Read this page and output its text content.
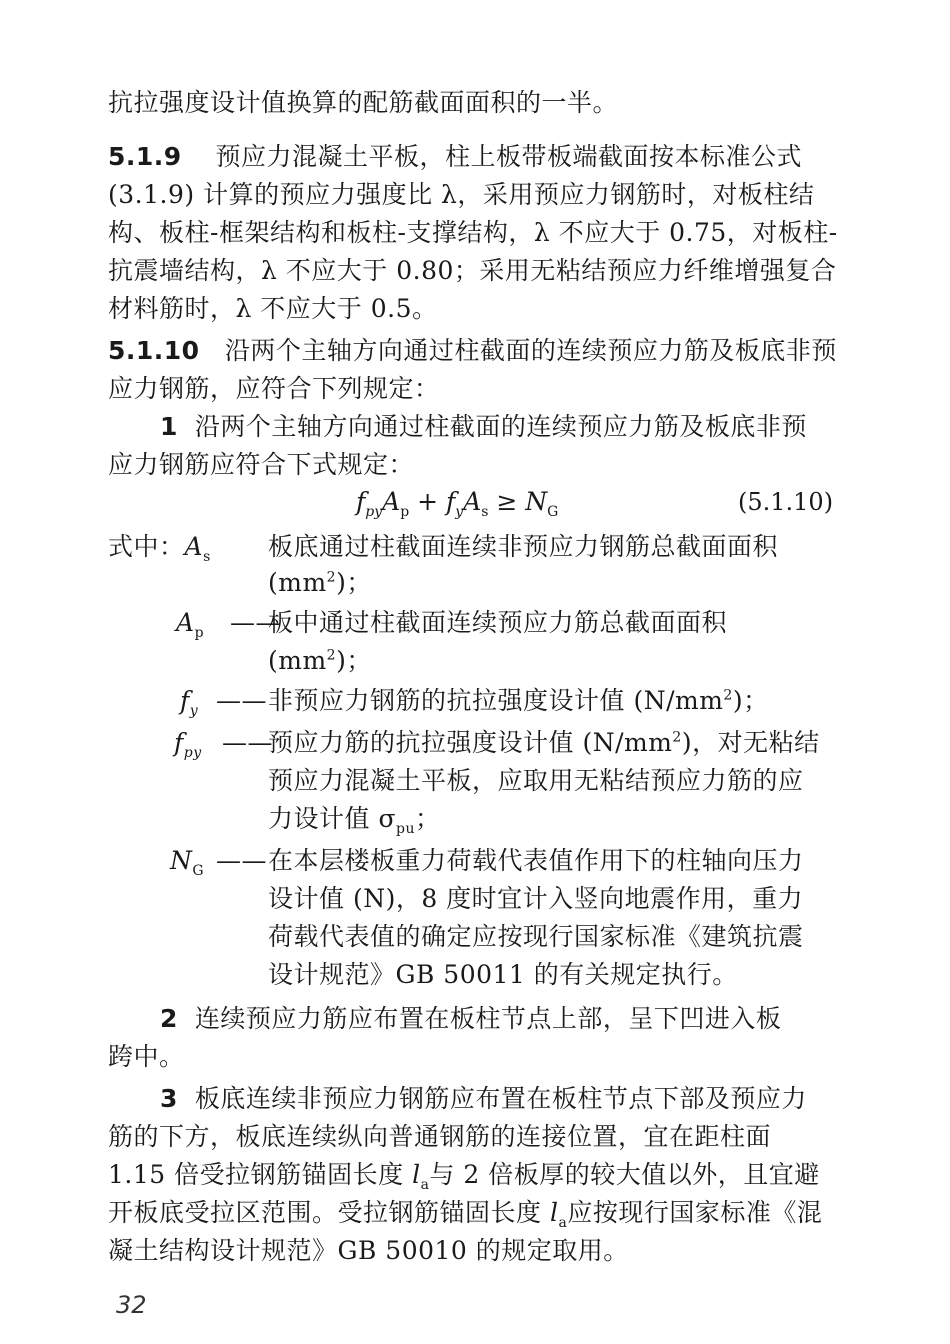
抗拉强度设计值换算的配筋截面面积的一半。
5.1.9 预应力混凝土平板，柱上板带板端截面按本标准公式
(3.1.9) 计算的预应力强度比 λ，采用预应力钢筋时，对板柱结
构、板柱-框架结构和板柱-支撑结构，λ 不应大于 0.75，对板柱-
抗震墙结构，λ 不应大于 0.80；采用无粘结预应力纤维增强复合
材料筋时，λ 不应大于 0.5。
5.1.10 沿两个主轴方向通过柱截面的连续预应力筋及板底非预
应力钢筋，应符合下列规定：
1 沿两个主轴方向通过柱截面的连续预应力筋及板底非预
应力钢筋应符合下式规定：
$f_{py}A_p + f_yA_s \ge N_G$	(5.1.10)
式中：$A_s$ 板底通过柱截面连续非预应力钢筋总截面面积
$(mm^2)$；
$A_p$ ——
板中通过柱截面连续预应力筋总截面面积
$(mm^2)$；
$f_y$ —— 非预应力钢筋的抗拉强度设计值 $(N/mm^2)$；
$f_{py}$ ——
预应力筋的抗拉强度设计值 $(N/mm^2)$，对无粘结
预应力混凝土平板，应取用无粘结预应力筋的应
力设计值 $\sigma_{pu}$；
$N_G$ —— 在本层楼板重力荷载代表值作用下的柱轴向压力
设计值 (N)，8 度时宜计入竖向地震作用，重力
荷载代表值的确定应按现行国家标准《建筑抗震
设计规范》GB 50011 的有关规定执行。
2 连续预应力筋应布置在板柱节点上部，呈下凹进入板
跨中。
3 板底连续非预应力钢筋应布置在板柱节点下部及预应力
筋的下方，板底连续纵向普通钢筋的连接位置，宜在距柱面
1.15 倍受拉钢筋锚固长度 $l_a$与 2 倍板厚的较大值以外，且宜避
开板底受拉区范围。受拉钢筋锚固长度 $l_a$应按现行国家标准《混
凝土结构设计规范》GB 50010 的规定取用。
32
